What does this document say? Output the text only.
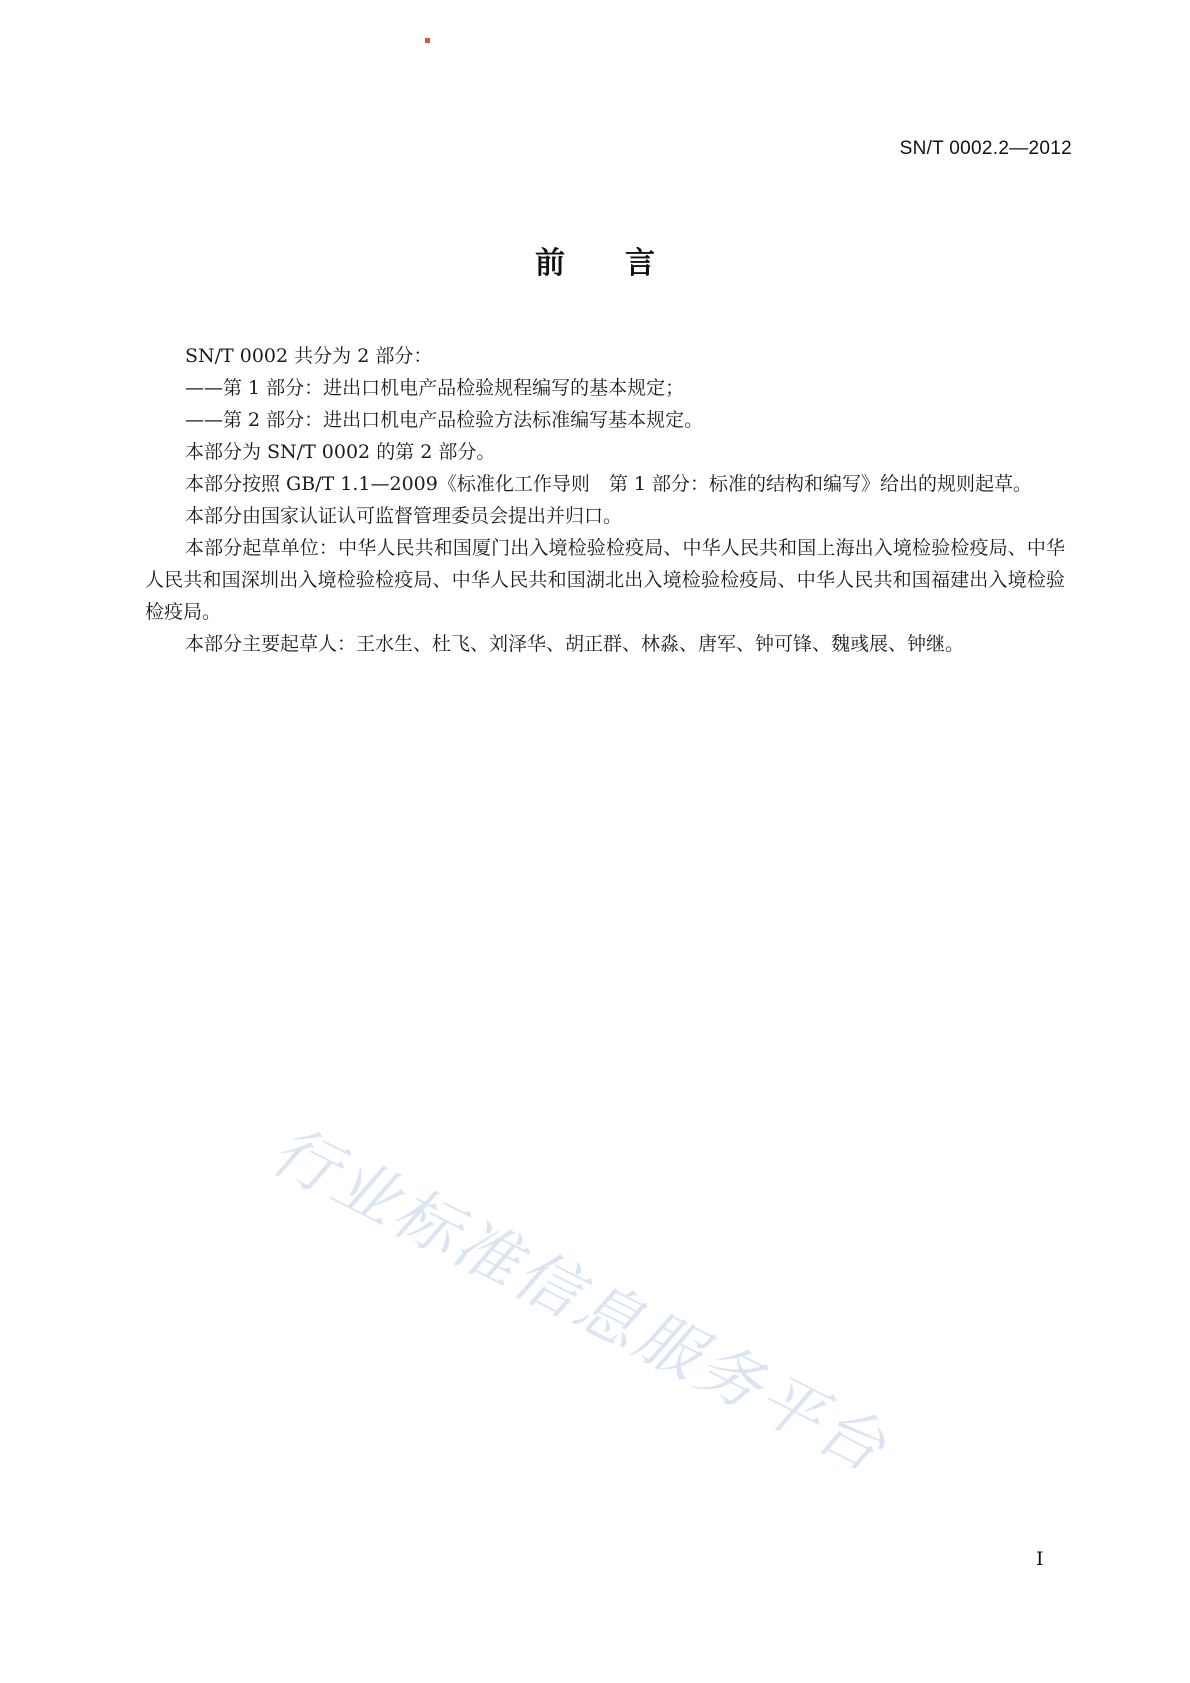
SN/T 0002.2—2012
前言

SN/T 0002 共分为 2 部分：

——第 1 部分：进出口机电产品检验规程编写的基本规定；

——第 2 部分：进出口机电产品检验方法标准编写基本规定。

本部分为 SN/T 0002 的第 2 部分。

本部分按照 GB/T 1.1—2009《标准化工作导则　第 1 部分：标准的结构和编写》给出的规则起草。

本部分由国家认证认可监督管理委员会提出并归口。

本部分起草单位：中华人民共和国厦门出入境检验检疫局、中华人民共和国上海出入境检验检疫局、中华人民共和国深圳出入境检验检疫局、中华人民共和国湖北出入境检验检疫局、中华人民共和国福建出入境检验检疫局。

本部分主要起草人：王水生、杜飞、刘泽华、胡正群、林淼、唐军、钟可锋、魏彧展、钟继。

行业标准信息服务平台
I
